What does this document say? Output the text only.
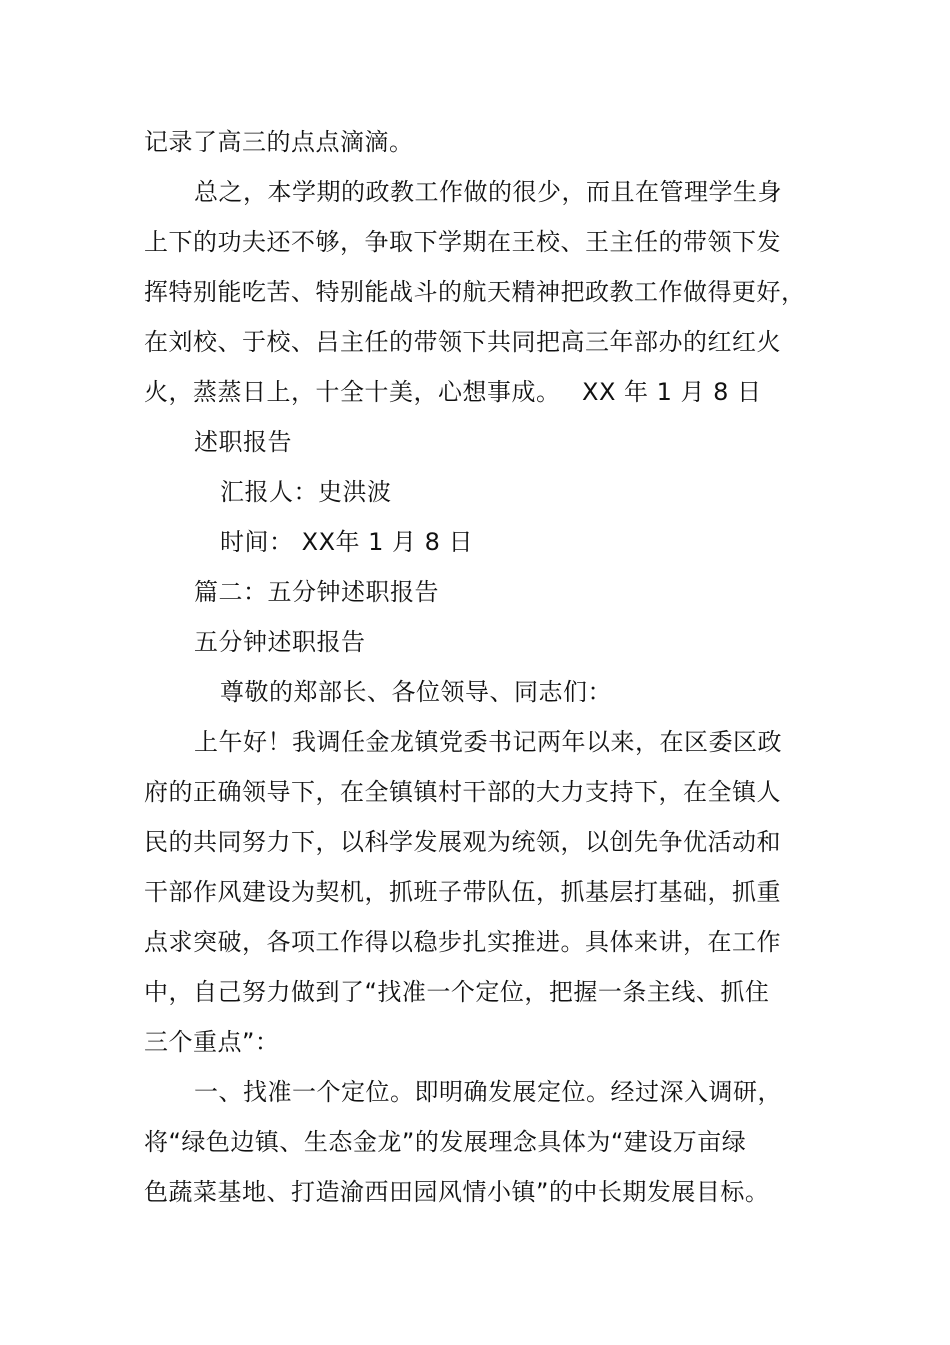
记录了高三的点点滴滴。
总之，本学期的政教工作做的很少，而且在管理学生身
上下的功夫还不够，争取下学期在王校、王主任的带领下发
挥特别能吃苦、特别能战斗的航天精神把政教工作做得更好，
在刘校、于校、吕主任的带领下共同把高三年部办的红红火
火，蒸蒸日上，十全十美，心想事成。 XX 年 1 月 8 日
述职报告
汇报人：史洪波
时间： XX年 1 月 8 日
篇二：五分钟述职报告
五分钟述职报告
尊敬的郑部长、各位领导、同志们：
上午好！我调任金龙镇党委书记两年以来，在区委区政
府的正确领导下，在全镇镇村干部的大力支持下，在全镇人
民的共同努力下，以科学发展观为统领，以创先争优活动和
干部作风建设为契机，抓班子带队伍，抓基层打基础，抓重
点求突破，各项工作得以稳步扎实推进。具体来讲，在工作
中，自己努力做到了“找准一个定位，把握一条主线、抓住
三个重点”：
一、找准一个定位。即明确发展定位。经过深入调研，
将“绿色边镇、生态金龙”的发展理念具体为“建设万亩绿
色蔬菜基地、打造渝西田园风情小镇”的中长期发展目标。
